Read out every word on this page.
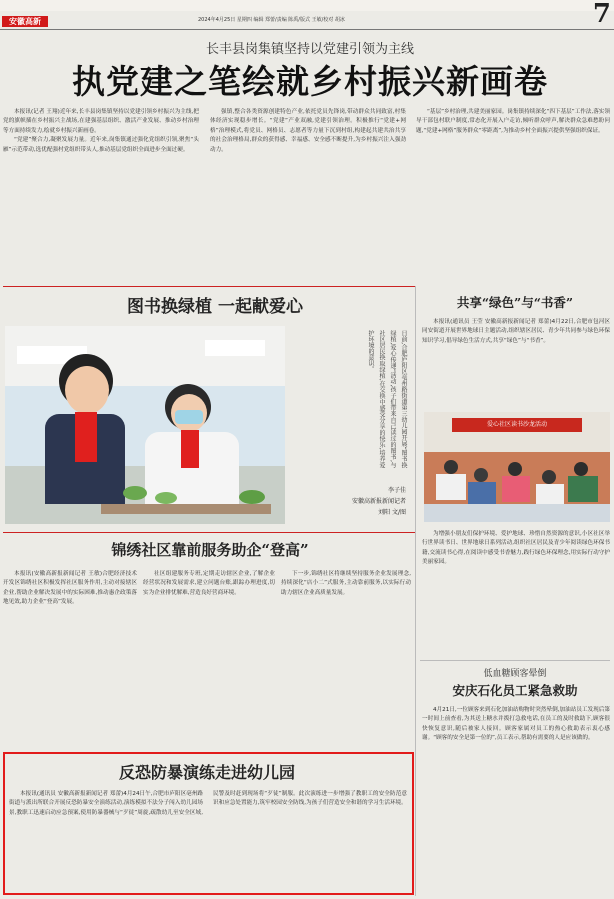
安徽高新	2024年4月25日 星期四 编辑 郑蕾/责编 陈禹/版式 王敏/校对 胡冰	7
长丰县岗集镇坚持以党建引领为主线
执党建之笔绘就乡村振兴新画卷

本报讯(记者 王翔)近年来,长丰县岗集镇坚持以党建引领乡村振兴为主线,把党的旗帜插在乡村振兴主战场,在建强基层组织、激活产业发展、推动乡村治理等方面持续发力,绘就乡村振兴新画卷。

“党建”聚合力,凝聚发展力量。近年来,岗集镇通过强化党组织引领,聚焦“头雁”示范带动,选优配强村党组织带头人,推动基层党组织全面进步全面过硬。

强镇,整合各类资源创建特色产业,依托党员先锋岗,带动群众共同致富,村集体经济实现稳步增长。“党建”产业双融,党建引领治理。积极推行“党建+网格”治理模式,将党员、网格员、志愿者等力量下沉到村组,构建起共建共治共享的社会治理格局,群众的获得感、幸福感、安全感不断提升,为乡村振兴注入强劲动力。

“基层”乡村治理,共建美丽家园。岗集镇持续深化“四下基层”工作法,落实领导干部包村联户制度,常态化开展入户走访,倾听群众呼声,解决群众急难愁盼问题,“党建+网格”服务群众“零距离”,为推动乡村全面振兴提供坚强组织保证。

图书换绿植 一起献爱心
日前,合肥庐阳区亳州路街道第三幼儿园开展“图书换绿植,爱心传递”活动,孩子们带来自己读过的图书,与社区居民换取绿植,在交换中感受分享的快乐,培养爱护环境的意识。
李子佳
安徽高新报新闻记者
刘阳 文/图
共享“绿色”与“书香”

本报讯(通讯员 王莹 安徽高新报新闻记者 郑蕾)4月22日,合肥市包河区同安街道开展世界地球日主题活动,组织辖区居民、青少年共同参与绿色环保知识学习,倡导绿色生活方式,共享“绿色”与“书香”。

爱心社区读书沙龙活动

为增强小朋友们保护环境、爱护地球、珍惜自然资源的意识,小区社区举行世界读书日、世界地球日系列活动,组织社区居民及青少年阅读绿色环保书籍,交流读书心得,在阅读中感受书香魅力,践行绿色环保理念,用实际行动守护美丽家园。

低血糖顾客晕倒
安庆石化员工紧急救助

4月21日,一位顾客来到石化加油站购物时突然晕倒,加油站员工发现后第一时间上前查看,为其送上糖水并拨打急救电话,在员工的及时救助下,顾客很快恢复意识,随后被家人接回。顾客家属对员工的热心救助表示衷心感谢。“顾客的安全是第一位的”,员工表示,帮助有需要的人是应该做的。

锦绣社区靠前服务助企“登高”

本报讯(安徽高新报新闻记者 王敏)合肥经济技术开发区锦绣社区积极发挥社区服务作用,主动对接辖区企业,帮助企业解决发展中的实际困难,推动惠企政策落地见效,助力企业“登高”发展。

社区组建服务专班,定期走访辖区企业,了解企业经营状况和发展需求,建立问题台账,跟踪办理进度,切实为企业排忧解难,营造良好营商环境。

下一步,锦绣社区将继续坚持服务企业发展理念,持续深化“店小二”式服务,主动靠前服务,以实际行动助力辖区企业高质量发展。

反恐防暴演练走进幼儿园

本报讯(通讯员 安徽高新报新闻记者 郑蕾)4月24日午,合肥市庐阳区亳州路街道与派出所联合开展反恐防暴安全演练活动,演练模拟不法分子闯入幼儿园场景,教职工迅速启动应急预案,使用防暴器械与“歹徒”周旋,疏散幼儿至安全区域,民警及时赶到现场将“歹徒”制服。此次演练进一步增强了教职工的安全防范意识和应急处置能力,筑牢校园安全防线,为孩子们营造安全和谐的学习生活环境。
